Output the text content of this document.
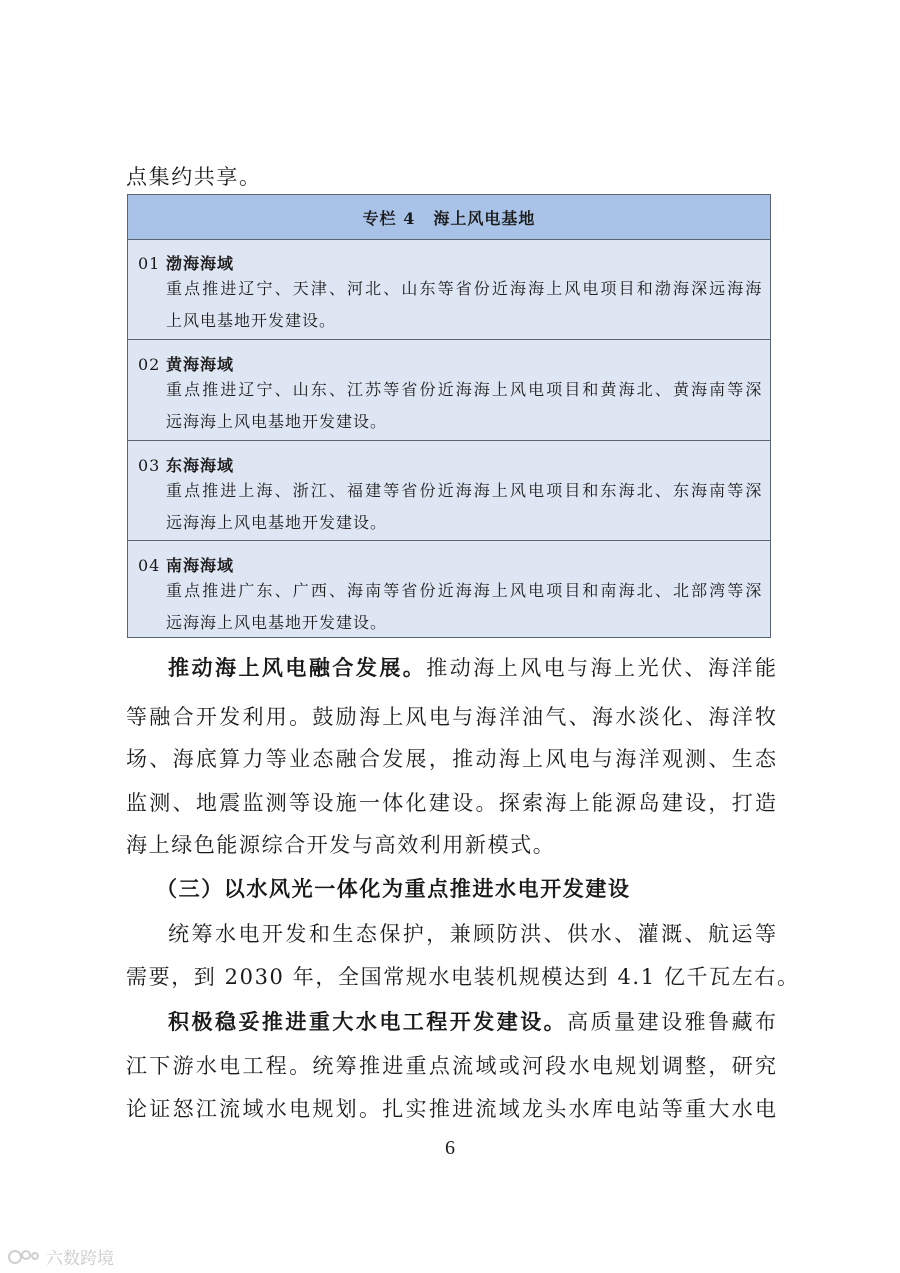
点集约共享。
专栏 4 海上风电基地
01 渤海海域
重点推进辽宁、天津、河北、山东等省份近海海上风电项目和渤海深远海海
上风电基地开发建设。
02 黄海海域
重点推进辽宁、山东、江苏等省份近海海上风电项目和黄海北、黄海南等深
远海海上风电基地开发建设。
03 东海海域
重点推进上海、浙江、福建等省份近海海上风电项目和东海北、东海南等深
远海海上风电基地开发建设。
04 南海海域
重点推进广东、广西、海南等省份近海海上风电项目和南海北、北部湾等深
远海海上风电基地开发建设。
推动海上风电融合发展。推动海上风电与海上光伏、海洋能
等融合开发利用。鼓励海上风电与海洋油气、海水淡化、海洋牧
场、海底算力等业态融合发展，推动海上风电与海洋观测、生态
监测、地震监测等设施一体化建设。探索海上能源岛建设，打造
海上绿色能源综合开发与高效利用新模式。
（三）以水风光一体化为重点推进水电开发建设
统筹水电开发和生态保护，兼顾防洪、供水、灌溉、航运等
需要，到 2030 年，全国常规水电装机规模达到 4.1 亿千瓦左右。
积极稳妥推进重大水电工程开发建设。高质量建设雅鲁藏布
江下游水电工程。统筹推进重点流域或河段水电规划调整，研究
论证怒江流域水电规划。扎实推进流域龙头水库电站等重大水电
6
六数跨境
